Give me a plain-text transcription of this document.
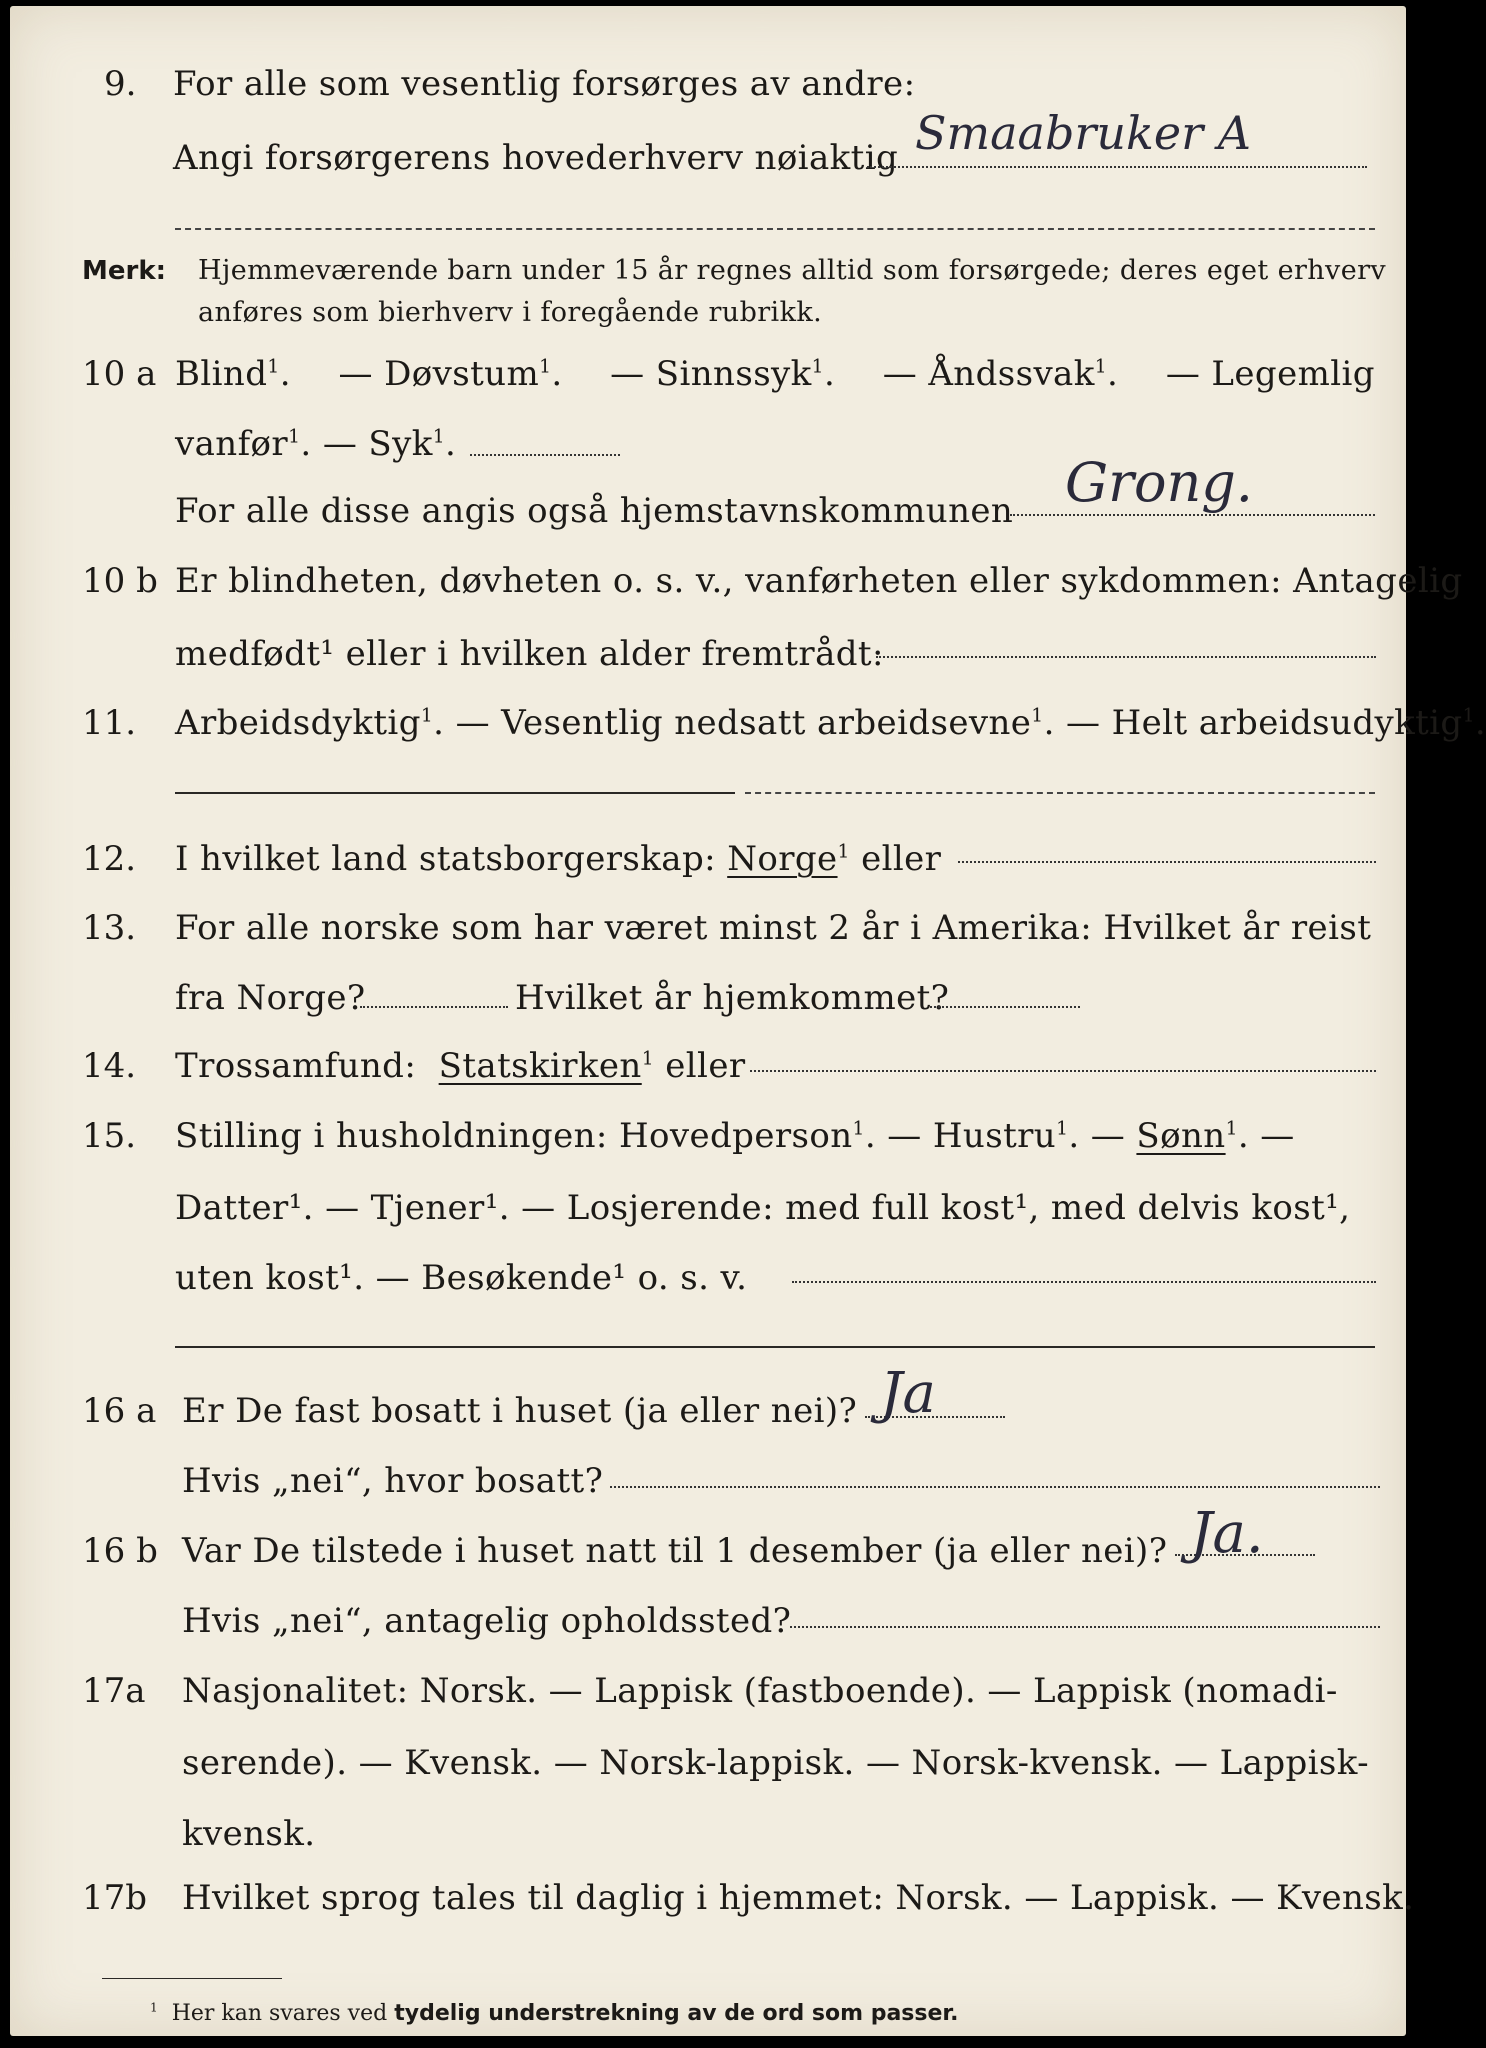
9. For alle som vesentlig forsørges av andre:
Angi forsørgerens hovederhverv nøiaktig Smaabruker A
Merk: Hjemmeværende barn under 15 år regnes alltid som forsørgede; deres eget erhverv
anføres som bierhverv i foregående rubrikk.
10 a Blind$^1$. — Døvstum$^1$. — Sinnssyk$^1$. — Åndssvak$^1$. — Legemlig
vanfør$^1$. — Syk$^1$.
For alle disse angis også hjemstavnskommunen Grong.
10 b Er blindheten, døvheten o. s. v., vanførheten eller sykdommen: Antagelig
medfødt¹ eller i hvilken alder fremtrådt:
11. Arbeidsdyktig$^1$. — Vesentlig nedsatt arbeidsevne$^1$. — Helt arbeidsudyktig$^1$.
12. I hvilket land statsborgerskap: Norge$^1$ eller
13. For alle norske som har været minst 2 år i Amerika: Hvilket år reist
fra Norge?	Hvilket år hjemkommet?
14. Trossamfund: Statskirken$^1$ eller
15. Stilling i husholdningen: Hovedperson$^1$. — Hustru$^1$. — Sønn$^1$. —
Datter¹. — Tjener¹. — Losjerende: med full kost¹, med delvis kost¹,
uten kost¹. — Besøkende¹ o. s. v.
16 a Er De fast bosatt i huset (ja eller nei)? Ja
Hvis „nei“, hvor bosatt?
16 b Var De tilstede i huset natt til 1 desember (ja eller nei)? Ja.
Hvis „nei“, antagelig opholdssted?
17a Nasjonalitet: Norsk. — Lappisk (fastboende). — Lappisk (nomadi-
serende). — Kvensk. — Norsk-lappisk. — Norsk-kvensk. — Lappisk-
kvensk.
17b Hvilket sprog tales til daglig i hjemmet: Norsk. — Lappisk. — Kvensk.
$^1$ Her kan svares ved tydelig understrekning av de ord som passer.
